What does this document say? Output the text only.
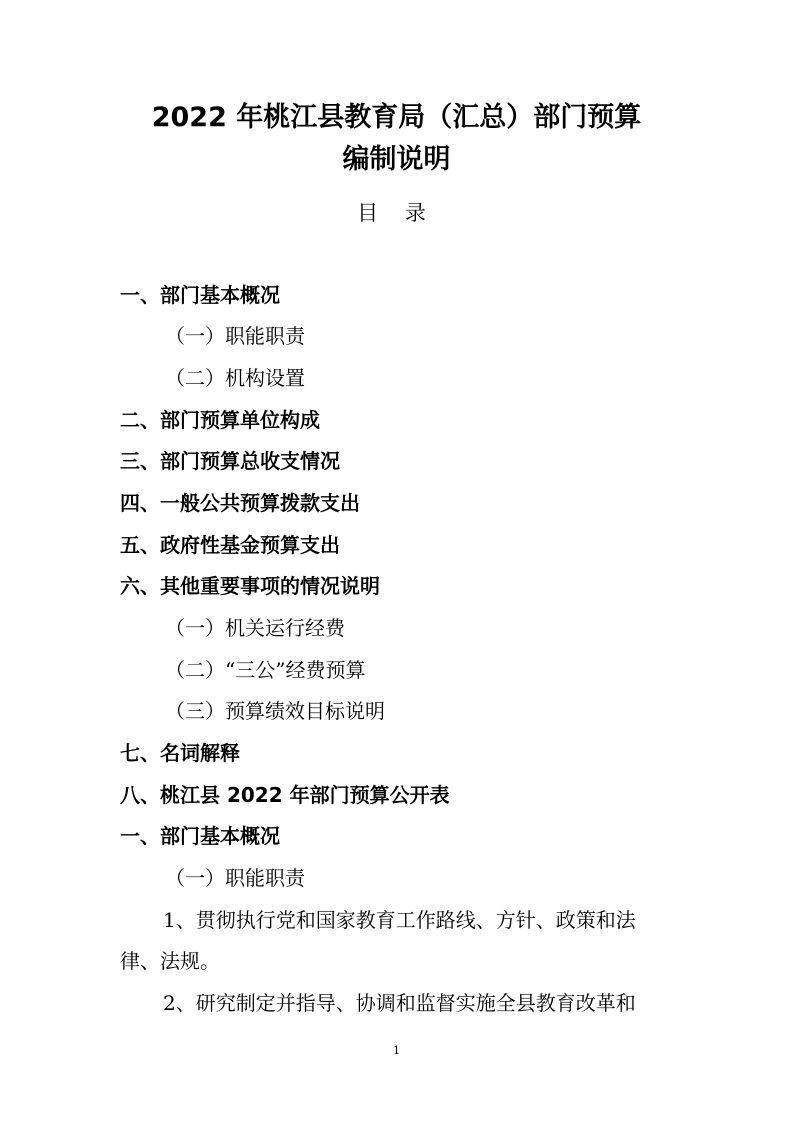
2022 年桃江县教育局（汇总）部门预算
编制说明
目 录
一、部门基本概况
（一）职能职责
（二）机构设置
二、部门预算单位构成
三、部门预算总收支情况
四、一般公共预算拨款支出
五、政府性基金预算支出
六、其他重要事项的情况说明
（一）机关运行经费
（二）“三公”经费预算
（三）预算绩效目标说明
七、名词解释
八、桃江县 2022 年部门预算公开表
一、部门基本概况
（一）职能职责
1、贯彻执行党和国家教育工作路线、方针、政策和法
律、法规。
2、研究制定并指导、协调和监督实施全县教育改革和
1
